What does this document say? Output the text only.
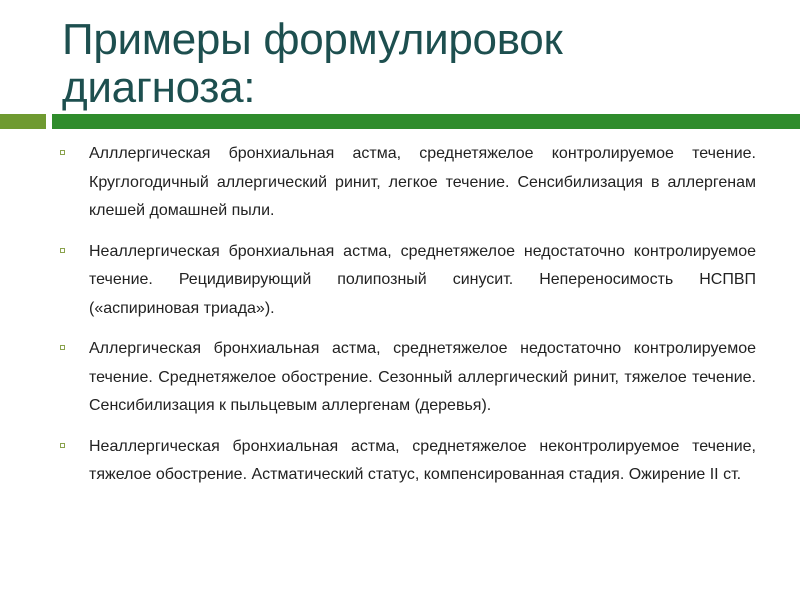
Примеры формулировок
диагноза:
Алллергическая бронхиальная астма, среднетяжелое контролируемое течение. Круглогодичный аллергический ринит, легкое течение. Сенсибилизация в аллергенам клешей домашней пыли.
Неаллергическая бронхиальная астма, среднетяжелое недостаточно контролируемое течение. Рецидивирующий полипозный синусит. Непереносимость НСПВП («аспириновая триада»).
Аллергическая бронхиальная астма, среднетяжелое недостаточно контролируемое течение. Среднетяжелое обострение. Сезонный аллергический ринит, тяжелое течение. Сенсибилизация к пыльцевым аллергенам (деревья).
Неаллергическая бронхиальная астма, среднетяжелое неконтролируемое течение, тяжелое обострение. Астматический статус, компенсированная стадия. Ожирение II ст.
